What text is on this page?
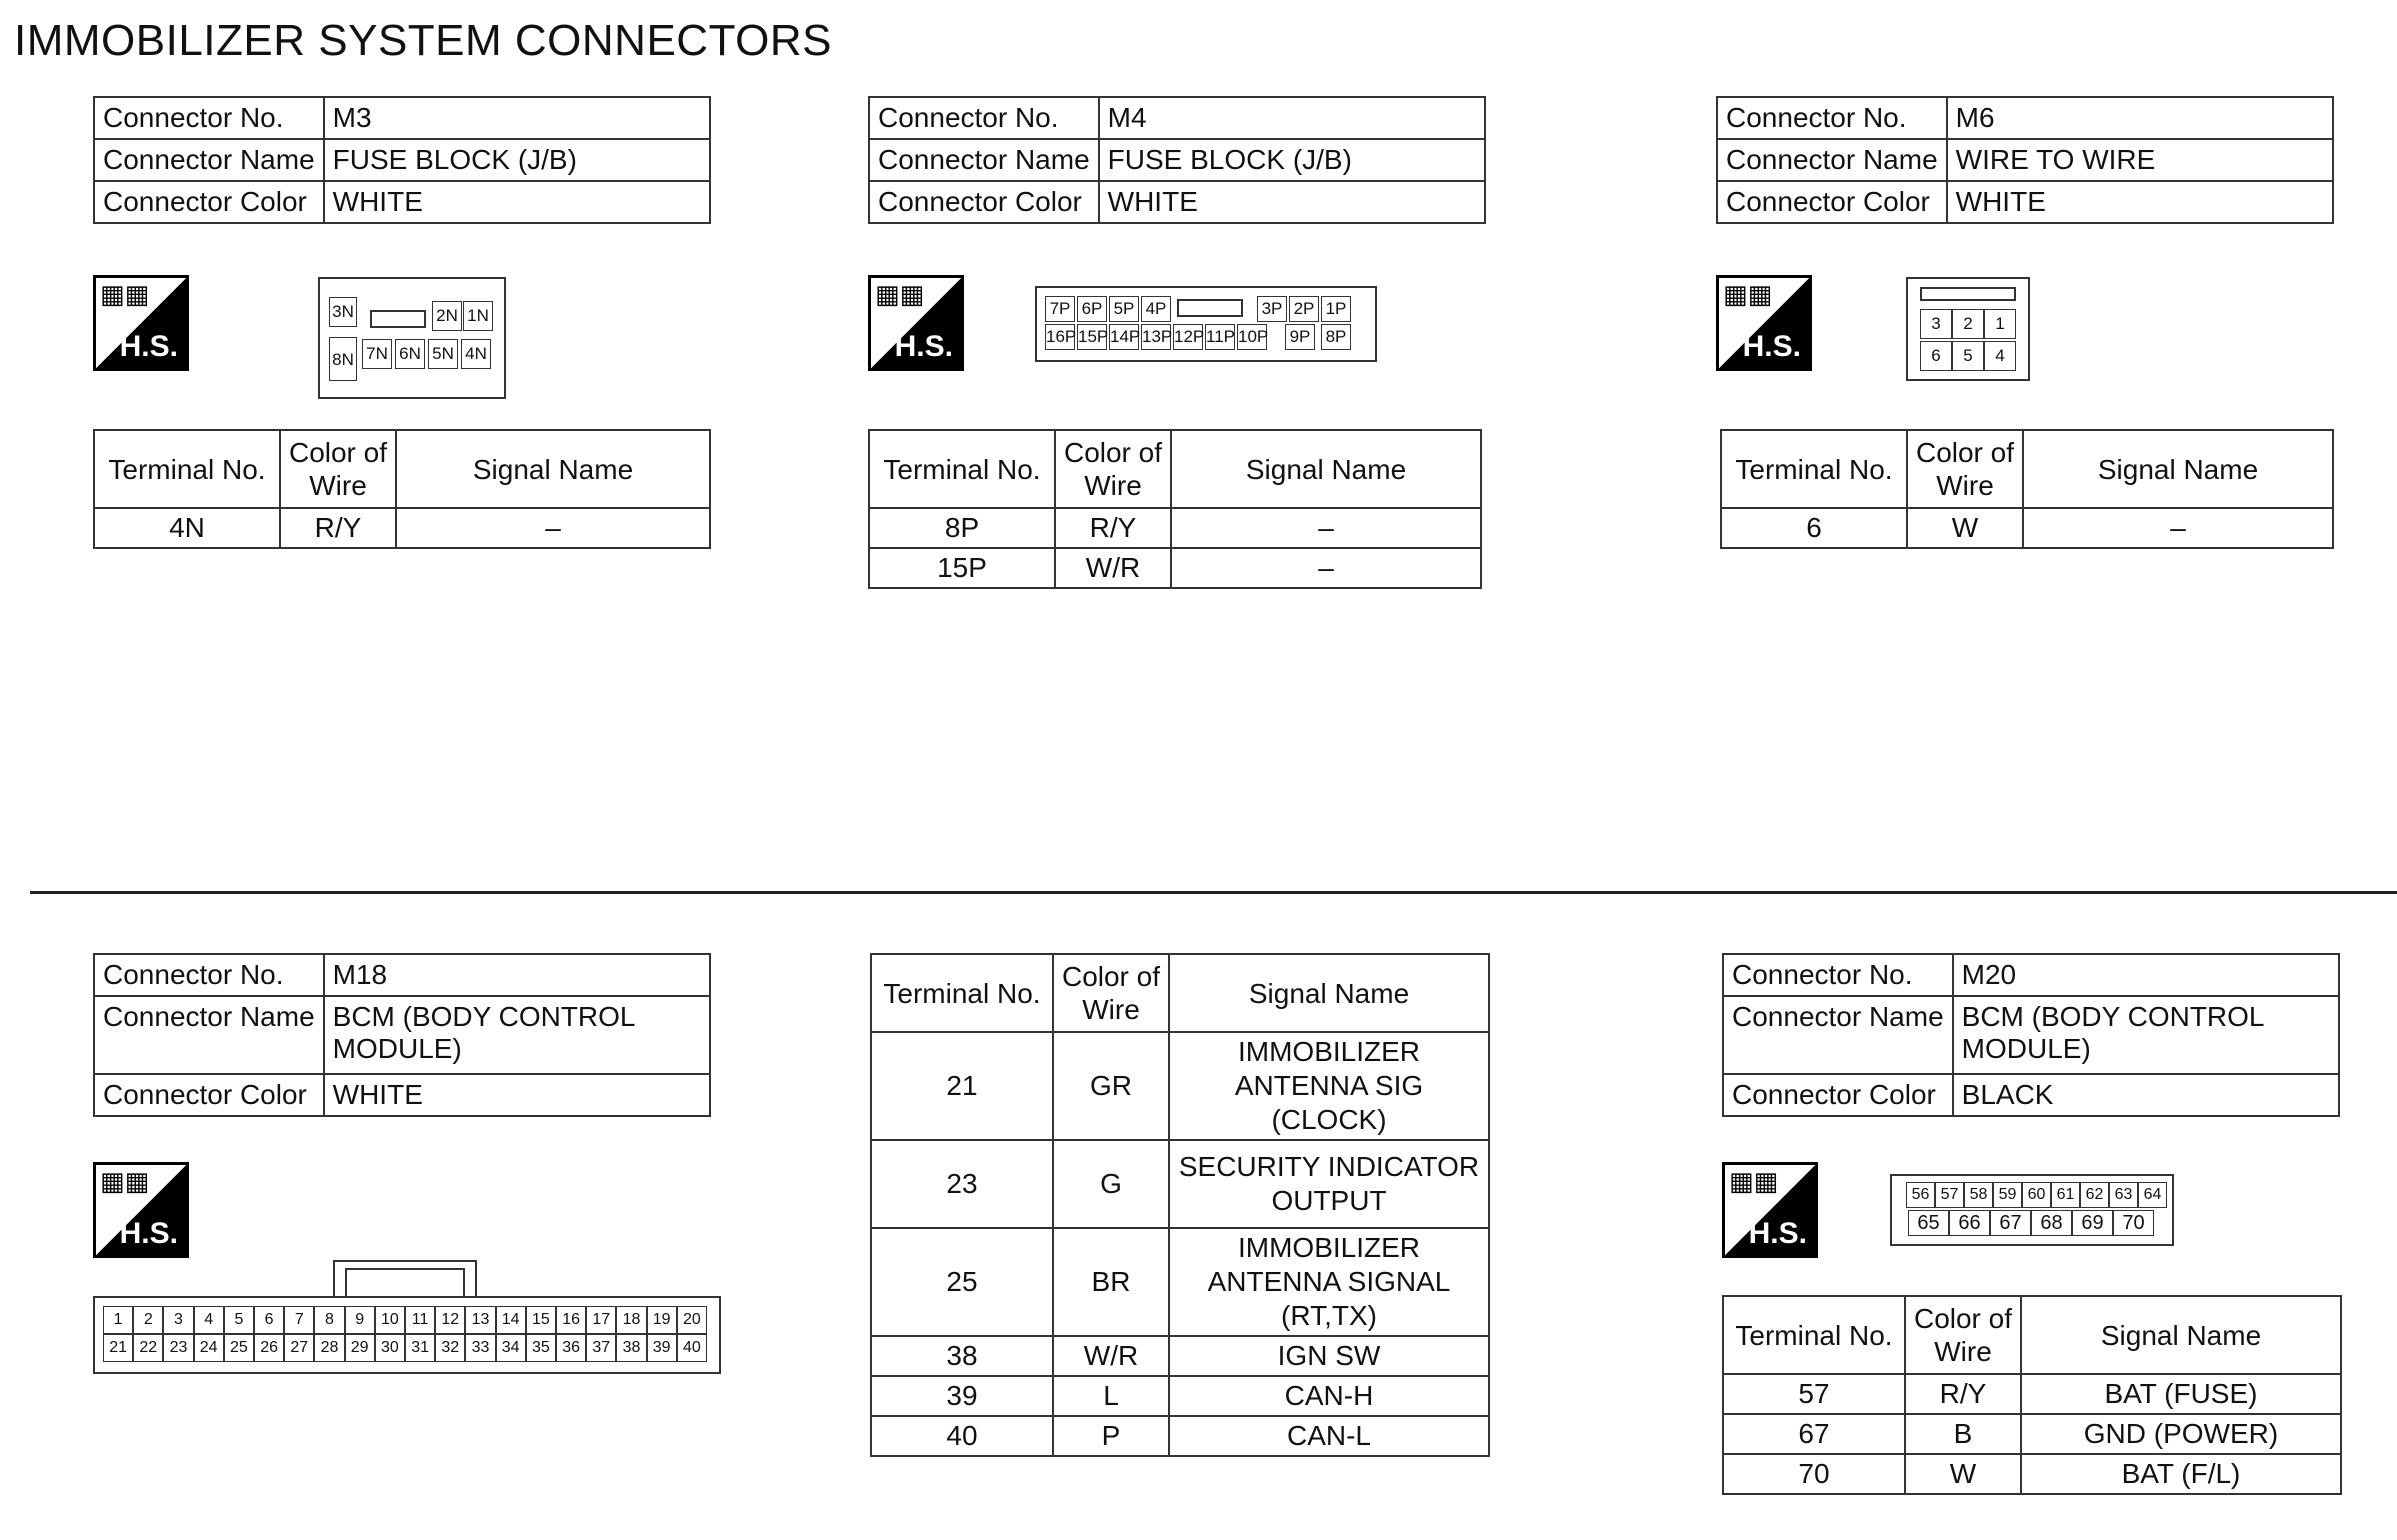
IMMOBILIZER SYSTEM CONNECTORS
Connector No.	M3
Connector Name	FUSE BLOCK (J/B)
Connector Color	WHITE
▦▦
H.S.
3N	2N 1N
8N 7N 6N 5N 4N
Terminal No.	Color of Wire	Signal Name
4N	R/Y	–
Connector No.	M4
Connector Name	FUSE BLOCK (J/B)
Connector Color	WHITE
▦▦
H.S.
7P 6P 5P 4P	3P 2P 1P
16P 15P 14P 13P 12P 11P 10P 9P 8P
Terminal No.	Color of Wire	Signal Name
8P	R/Y	–
15P	W/R	–
Connector No.	M6
Connector Name	WIRE TO WIRE
Connector Color	WHITE
▦▦
H.S.
3	2	1
6	5	4
Terminal No.	Color of Wire	Signal Name
6	W	–
Connector No.	M18
Connector Name	BCM (BODY CONTROL MODULE)
Connector Color	WHITE
▦▦
H.S.
1	2	3	4	5	6	7	8	9	10 11 12 13 14 15 16 17 18 19 20
21 22 23 24 25 26 27 28 29 30 31 32 33 34 35 36 37 38 39 40
Terminal No.	Color of Wire	Signal Name
21	GR	IMMOBILIZER ANTENNA SIG (CLOCK)
23	G	SECURITY INDICATOR OUTPUT
25	BR	IMMOBILIZER ANTENNA SIGNAL (RT,TX)
38	W/R	IGN SW
39	L	CAN-H
40	P	CAN-L
Connector No.	M20
Connector Name	BCM (BODY CONTROL MODULE)
Connector Color	BLACK
▦▦
H.S.
56 57 58 59 60 61 62 63 64
65 66 67 68 69 70
Terminal No.	Color of Wire	Signal Name
57	R/Y	BAT (FUSE)
67	B	GND (POWER)
70	W	BAT (F/L)
